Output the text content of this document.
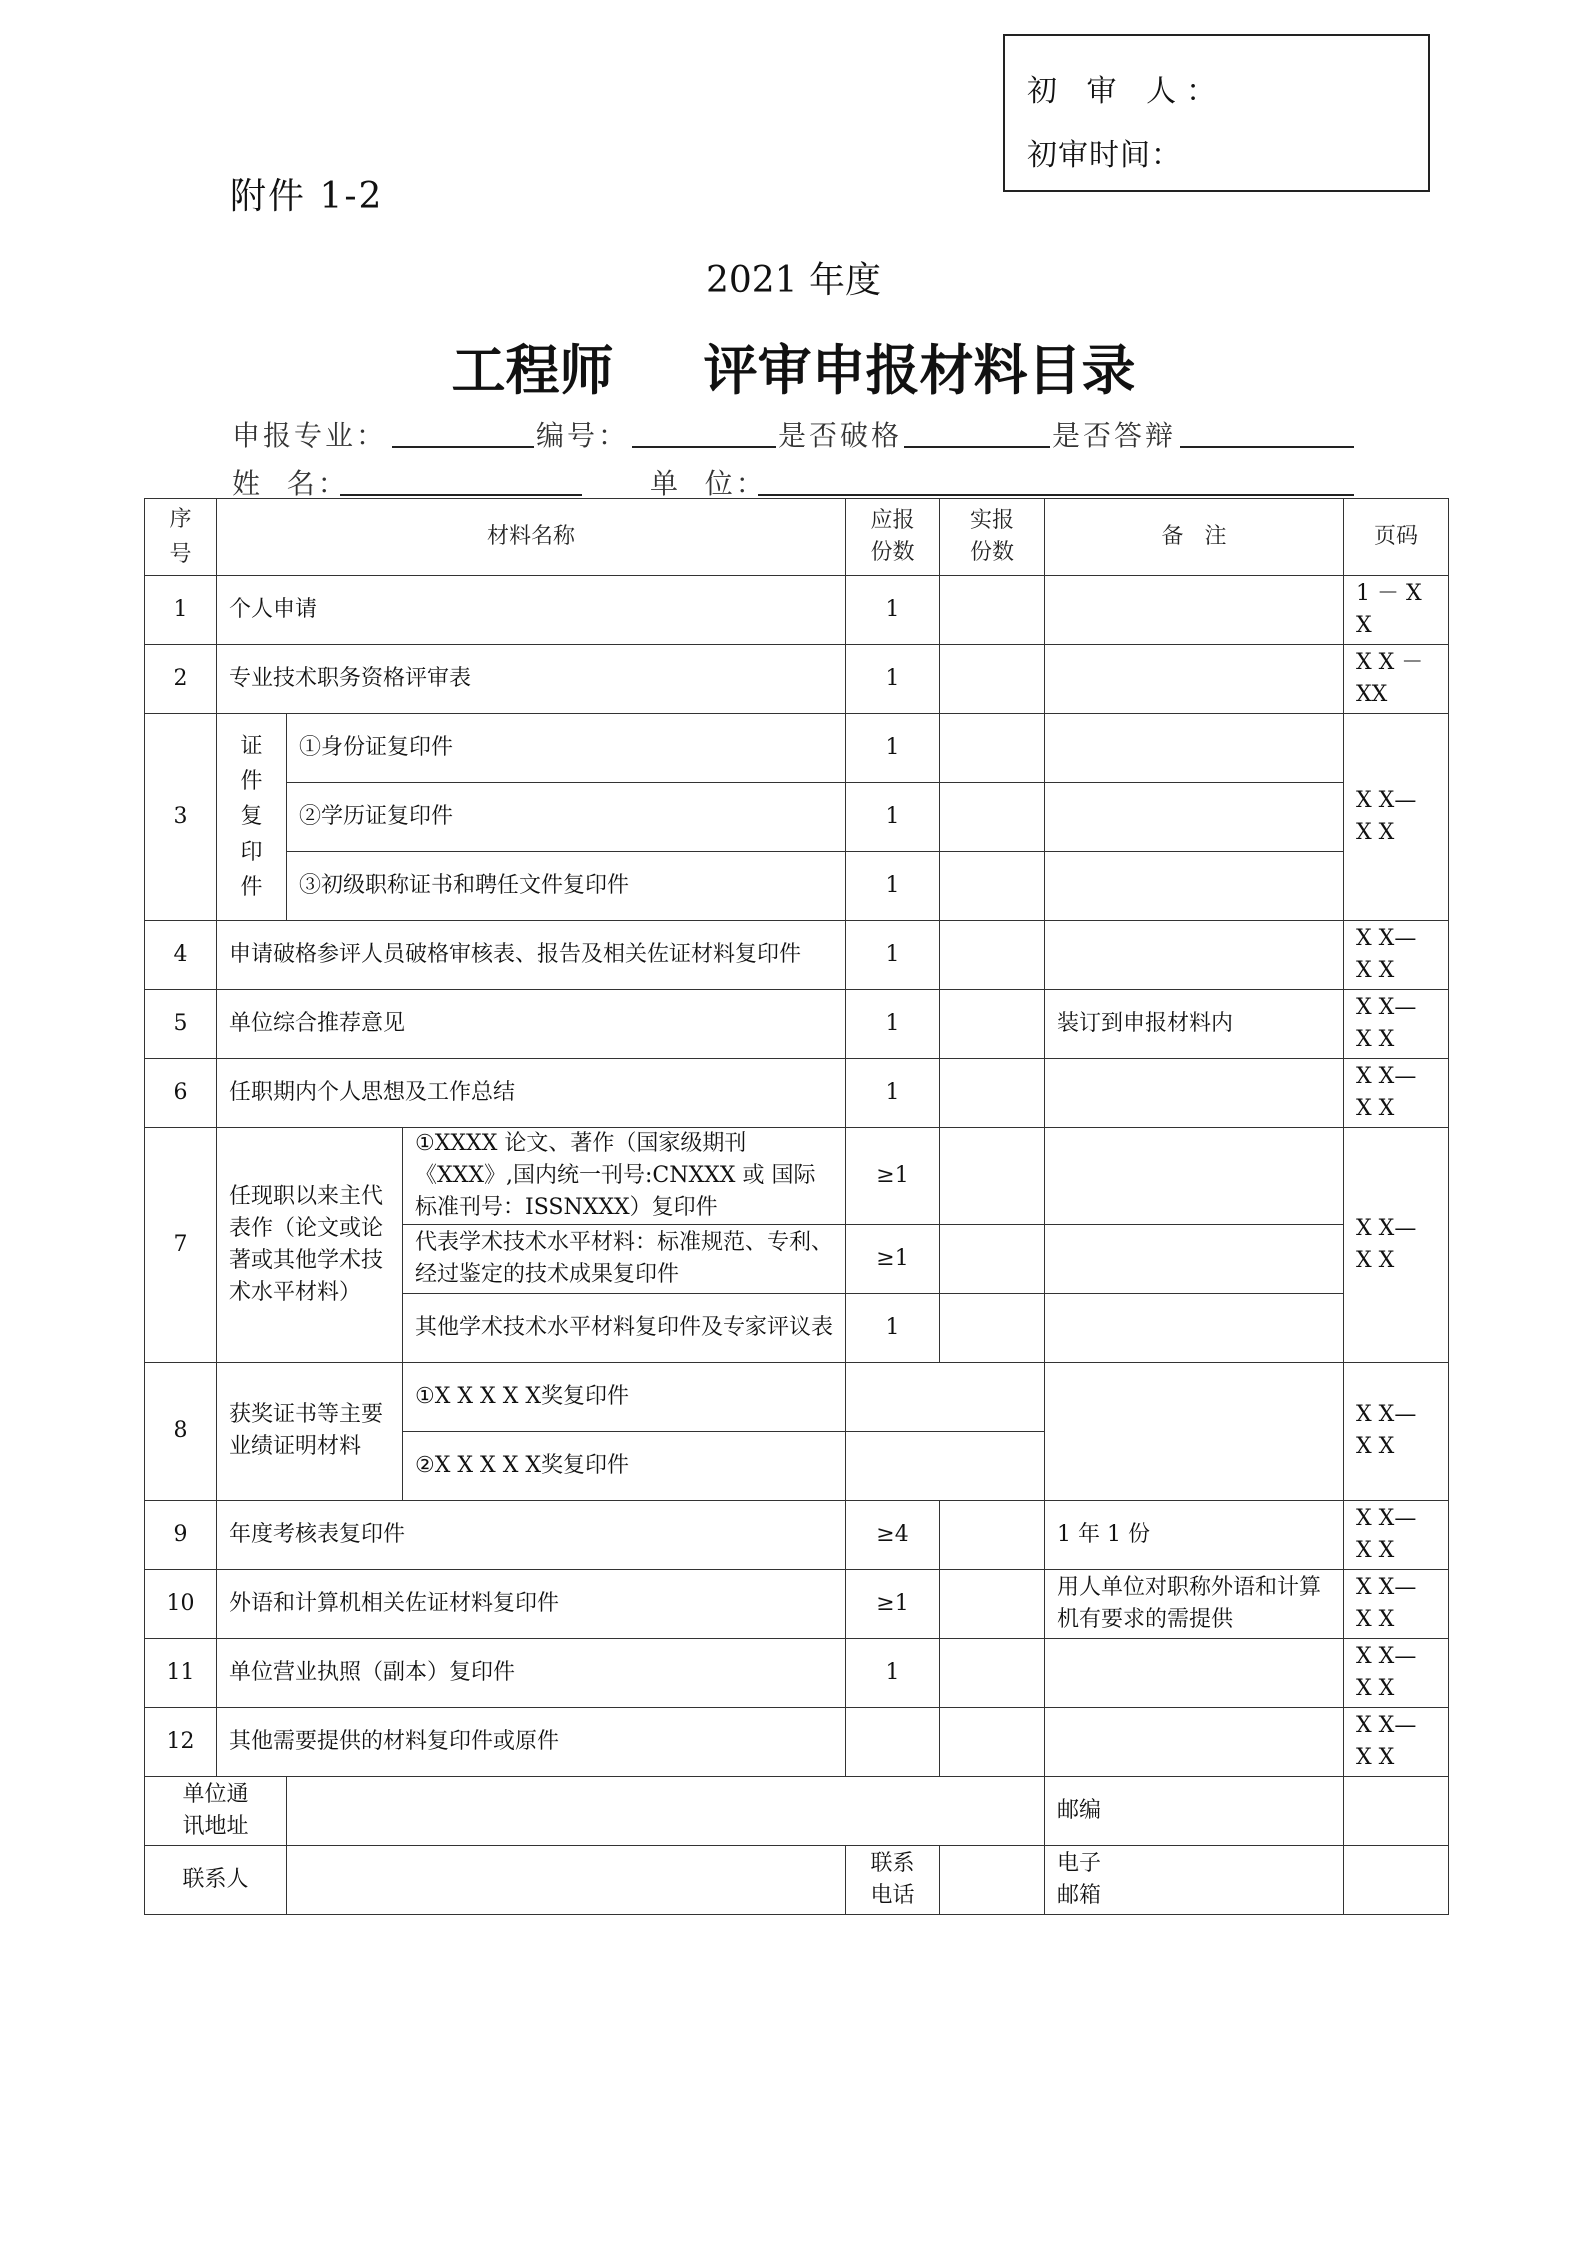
初 审 人：
初审时间：
附件 1-2
2021 年度
工程师 评审申报材料目录
申报专业：	编号：	是否破格	是否答辩
姓  名：	单  位：
序号	材料名称			应报份数	实报份数	备   注	页码
1	个人申请			1			1 － X X
2	专业技术职务资格评审表			1			X X － XX
3	证件复印件	①身份证复印件		1			X X— X X
		②学历证复印件		1			
		③初级职称证书和聘任文件复印件		1			
4	申请破格参评人员破格审核表、报告及相关佐证材料复印件			1			X X— X X
5	单位综合推荐意见			1		装订到申报材料内	X X— X X
6	任职期内个人思想及工作总结			1			X X— X X
7	任现职以来主代表作（论文或论著或其他学术技术水平材料）		①XXXX 论文、著作（国家级期刊《XXX》,国内统一刊号:CNXXX 或 国际标准刊号：ISSNXXX）复印件	≥1			X X— X X
			代表学术技术水平材料：标准规范、专利、经过鉴定的技术成果复印件	≥1			
			其他学术技术水平材料复印件及专家评议表	1			
8	获奖证书等主要业绩证明材料		①X X X X X奖复印件				X X— X X
			②X X X X X奖复印件				
9	年度考核表复印件			≥4		1 年 1 份	X X— X X
10	外语和计算机相关佐证材料复印件			≥1		用人单位对职称外语和计算机有要求的需提供	X X— X X
11	单位营业执照（副本）复印件			1			X X— X X
12	其他需要提供的材料复印件或原件						X X— X X

单位通讯地址						邮编	

联系人				联系电话		电子邮箱	
